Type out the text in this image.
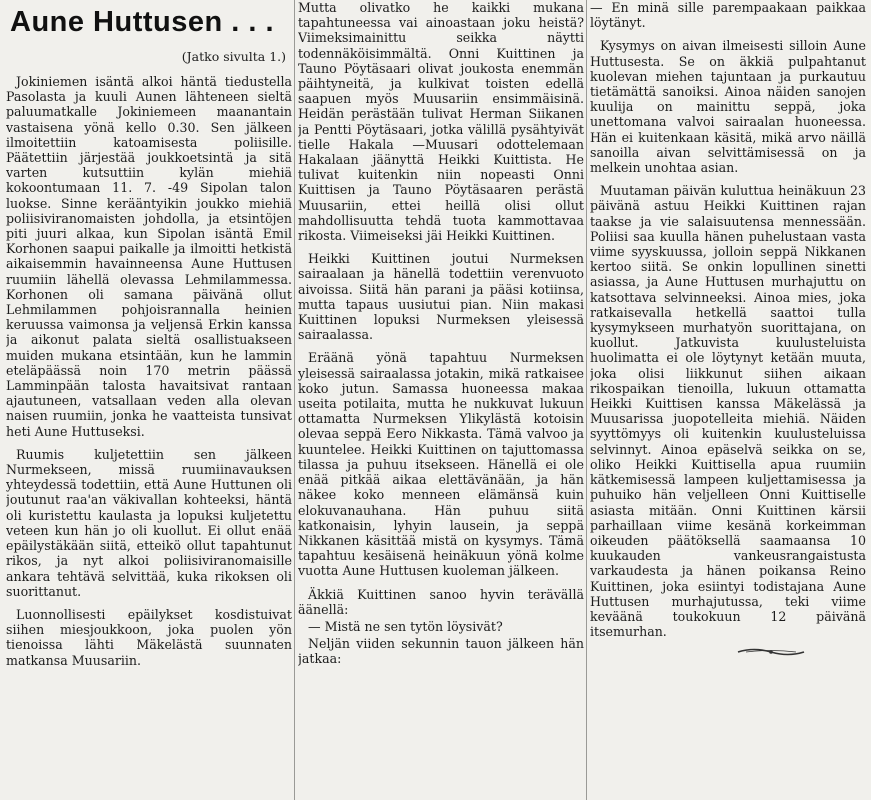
Aune Huttusen . . .
(Jatko sivulta 1.)

Jokiniemen isäntä alkoi häntä tiedustella Pasolasta ja kuuli Aunen lähteneen sieltä paluumatkalle Jokiniemeen maanantain vastaisena yönä kello 0.30. Sen jälkeen ilmoitettiin katoamisesta poliisille. Päätettiin järjestää joukkoetsintä ja sitä varten kutsuttiin kylän miehiä kokoontumaan 11. 7. -49 Sipolan talon luokse. Sinne kerääntyikin joukko miehiä poliisiviranomaisten johdolla, ja etsintöjen piti juuri alkaa, kun Sipolan isäntä Emil Korhonen saapui paikalle ja ilmoitti hetkistä aikaisemmin havainneensa Aune Huttusen ruumiin lähellä olevassa Lehmilammessa. Korhonen oli samana päivänä ollut Lehmilammen pohjoisrannalla heinien keruussa vaimonsa ja veljensä Erkin kanssa ja aikonut palata sieltä osallistuakseen muiden mukana etsintään, kun he lammin eteläpäässä noin 170 metrin päässä Lamminpään talosta havaitsivat rantaan ajautuneen, vatsallaan veden alla olevan naisen ruumiin, jonka he vaatteista tunsivat heti Aune Huttuseksi.

Ruumis kuljetettiin sen jälkeen Nurmekseen, missä ruumiinavauksen yhteydessä todettiin, että Aune Huttunen oli joutunut raa'an väkivallan kohteeksi, häntä oli kuristettu kaulasta ja lopuksi kuljetettu veteen kun hän jo oli kuollut. Ei ollut enää epäilystäkään siitä, etteikö ollut tapahtunut rikos, ja nyt alkoi poliisiviranomaisille ankara tehtävä selvittää, kuka rikoksen oli suorittanut.

Luonnollisesti epäilykset kosdistuivat siihen miesjoukkoon, joka puolen yön tienoissa lähti Mäkelästä suunnaten matkansa Muusariin.

Mutta olivatko he kaikki mukana tapahtuneessa vai ainoastaan joku heistä? Viimeksimainittu seikka näytti todennäköisimmältä. Onni Kuittinen ja Tauno Pöytäsaari olivat joukosta enemmän päihtyneitä, ja kulkivat toisten edellä saapuen myös Muusariin ensimmäisinä. Heidän perästään tulivat Herman Siikanen ja Pentti Pöytäsaari, jotka välillä pysähtyivät tielle Hakala —Muusari odottelemaan Hakalaan jäänyttä Heikki Kuittista. He tulivat kuitenkin niin nopeasti Onni Kuittisen ja Tauno Pöytäsaaren perästä Muusariin, ettei heillä olisi ollut mahdollisuutta tehdä tuota kammottavaa rikosta. Viimeiseksi jäi Heikki Kuittinen.

Heikki Kuittinen joutui Nurmeksen sairaalaan ja hänellä todettiin verenvuoto aivoissa. Siitä hän parani ja pääsi kotiinsa, mutta tapaus uusiutui pian. Niin makasi Kuittinen lopuksi Nurmeksen yleisessä sairaalassa.

Eräänä yönä tapahtuu Nurmeksen yleisessä sairaalassa jotakin, mikä ratkaisee koko jutun. Samassa huoneessa makaa useita potilaita, mutta he nukkuvat lukuun ottamatta Nurmeksen Ylikylästä kotoisin olevaa seppä Eero Nikkasta. Tämä valvoo ja kuuntelee. Heikki Kuittinen on tajuttomassa tilassa ja puhuu itsekseen. Hänellä ei ole enää pitkää aikaa elettävänään, ja hän näkee koko menneen elämänsä kuin elokuvanauhana. Hän puhuu siitä katkonaisin, lyhyin lausein, ja seppä Nikkanen käsittää mistä on kysymys. Tämä tapahtuu kesäisenä heinäkuun yönä kolme vuotta Aune Huttusen kuoleman jälkeen.

Äkkiä Kuittinen sanoo hyvin terävällä äänellä:

— Mistä ne sen tytön löysivät?

Neljän viiden sekunnin tauon jälkeen hän jatkaa:

— En minä sille parempaakaan paikkaa löytänyt.

Kysymys on aivan ilmeisesti silloin Aune Huttusesta. Se on äkkiä pulpahtanut kuolevan miehen tajuntaan ja purkautuu tietämättä sanoiksi. Ainoa näiden sanojen kuulija on mainittu seppä, joka unettomana valvoi sairaalan huoneessa. Hän ei kuitenkaan käsitä, mikä arvo näillä sanoilla aivan selvittämisessä on ja melkein unohtaa asian.

Muutaman päivän kuluttua heinäkuun 23 päivänä astuu Heikki Kuittinen rajan taakse ja vie salaisuutensa mennessään. Poliisi saa kuulla hänen puhelustaan vasta viime syyskuussa, jolloin seppä Nikkanen kertoo siitä. Se onkin lopullinen sinetti asiassa, ja Aune Huttusen murhajuttu on katsottava selvinneeksi. Ainoa mies, joka ratkaisevalla hetkellä saattoi tulla kysymykseen murhatyön suorittajana, on kuollut. Jatkuvista kuulusteluista huolimatta ei ole löytynyt ketään muuta, joka olisi liikkunut siihen aikaan rikospaikan tienoilla, lukuun ottamatta Heikki Kuittisen kanssa Mäkelässä ja Muusarissa juopotelleita miehiä. Näiden syyttömyys oli kuitenkin kuulusteluissa selvinnyt. Ainoa epäselvä seikka on se, oliko Heikki Kuittisella apua ruumiin kätkemisessä lampeen kuljettamisessa ja puhuiko hän veljelleen Onni Kuittiselle asiasta mitään. Onni Kuittinen kärsii parhaillaan viime kesänä korkeimman oikeuden päätöksellä saamaansa 10 kuukauden vankeusrangaistusta varkaudesta ja hänen poikansa Reino Kuittinen, joka esiintyi todistajana Aune Huttusen murhajutussa, teki viime keväänä toukokuun 12 päivänä itsemurhan.
